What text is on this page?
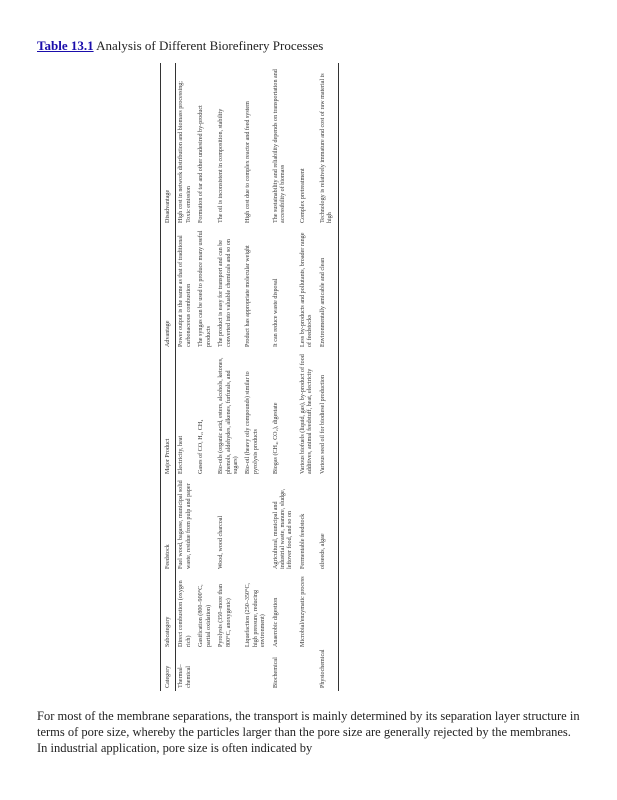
Table 13.1 Analysis of Different Biorefinery Processes
Category	Subcategory	Feedstock	Major Product	Advantage	Disadvantage
Thermal–chemical	Direct combustion (oxygen rich)	Fuel wood, bagasse, municipal solid waste, residue from pulp and paper	Electricity, heat	Power output is the same as that of traditional carbonaceous combustion	High cost in network distribution and biomass processing; Toxic emission
	Gasification (800–900°C, partial oxidation)		Gases of CO, H₂, CH₄	The syngas can be used to produce many useful products	Formation of tar and other undesired by-product
	Pyrolysis (350–more than 800°C, anoxygenic)	Wood, wood charcoal	Bio-oils (organic acid, esters, alcohols, ketones, phenols, aldehydes, alkenes, furfurals, and sugars)	The product is easy for transport and can be converted into valuable chemicals and so on	The oil is inconsistent in composition, stability
	Liquefaction (250–350°C, high pressure, reducing environment)		Bio-oil (heavy oily compounds) similar to pyrolysis products	Product has appropriate molecular weight	High cost due to complex reactor and feed system
Biochemical	Anaerobic digestion	Agricultural, municipal and industrial waste, manure, sludge, leftover food, and so on	Biogas (CH₄, CO₂), digestate	It can reduce waste disposal	The sustainability and reliability depends on transportation and accessibility of biomass
	Microbial/enzymatic process	Fermentable feedstock	Various biofuels (liquid, gas), by-product of food additives, animal feedstuff, heat, electricity	Less by-products and pollutants, broader range of feedstocks	Complex pretreatment
Physiochemical		oilseeds, algae	Various seed oil for biodiesel production	Environmentally amicable and clean	Technology is relatively immature and cost of raw material is high

For most of the membrane separations, the transport is mainly determined by its separation layer structure in terms of pore size, whereby the particles larger than the pore size are generally rejected by the membranes. In industrial application, pore size is often indicated by
